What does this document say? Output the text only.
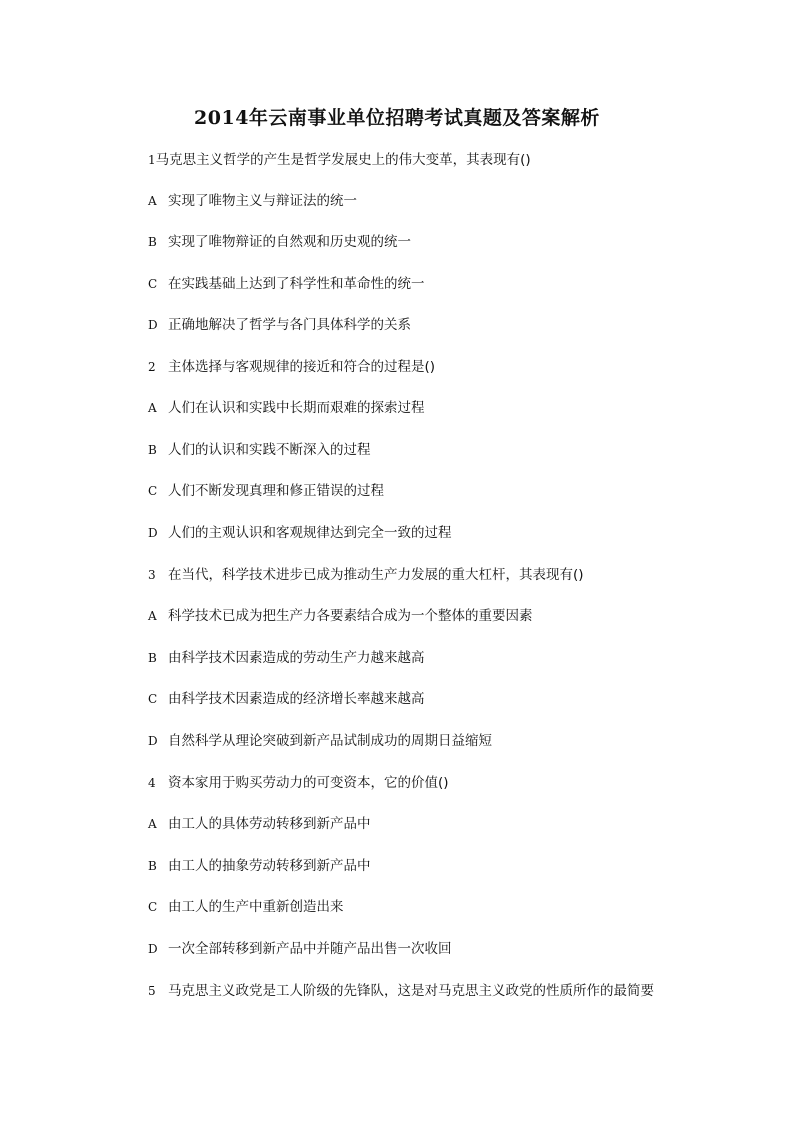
2014年云南事业单位招聘考试真题及答案解析
1 马克思主义哲学的产生是哲学发展史上的伟大变革，其表现有()
A 实现了唯物主义与辩证法的统一
B 实现了唯物辩证的自然观和历史观的统一
C 在实践基础上达到了科学性和革命性的统一
D 正确地解决了哲学与各门具体科学的关系
2 主体选择与客观规律的接近和符合的过程是()
A 人们在认识和实践中长期而艰难的探索过程
B 人们的认识和实践不断深入的过程
C 人们不断发现真理和修正错误的过程
D 人们的主观认识和客观规律达到完全一致的过程
3 在当代，科学技术进步已成为推动生产力发展的重大杠杆，其表现有()
A 科学技术已成为把生产力各要素结合成为一个整体的重要因素
B 由科学技术因素造成的劳动生产力越来越高
C 由科学技术因素造成的经济增长率越来越高
D 自然科学从理论突破到新产品试制成功的周期日益缩短
4 资本家用于购买劳动力的可变资本，它的价值()
A 由工人的具体劳动转移到新产品中
B 由工人的抽象劳动转移到新产品中
C 由工人的生产中重新创造出来
D 一次全部转移到新产品中并随产品出售一次收回
5 马克思主义政党是工人阶级的先锋队，这是对马克思主义政党的性质所作的最简要
